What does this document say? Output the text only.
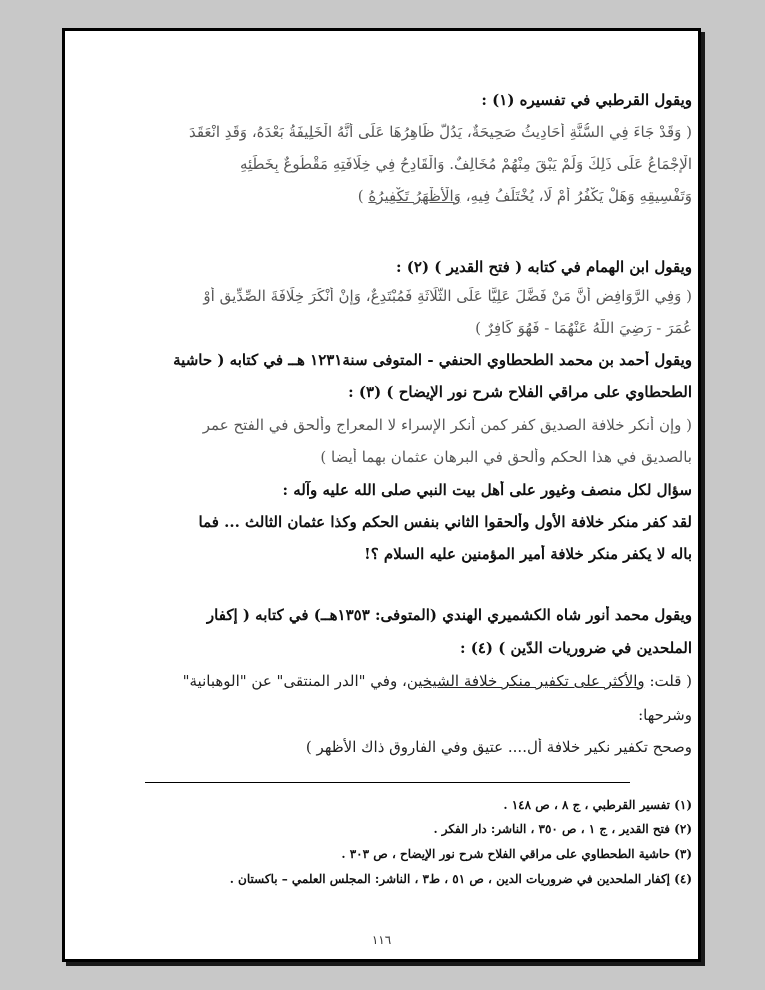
ويقول القرطبي في تفسيره (١) :
( وَقَدْ جَاءَ فِي السُّنَّةِ أَحَادِيثُ صَحِيحَةٌ، يَدُلُّ ظَاهِرُهَا عَلَى أَنَّهُ الْخَلِيفَةُ بَعْدَهُ، وَقَدِ انْعَقَدَ
الْإِجْمَاعُ عَلَى ذَلِكَ وَلَمْ يَبْقَ مِنْهُمْ مُخَالِفٌ. وَالْقَادِحُ فِي خِلَافَتِهِ مَقْطُوعٌ بِخَطَئِهِ
وَتَفْسِيقِهِ وَهَلْ يَكْفُرُ أَمْ لَا، يُخْتَلَفُ فِيهِ، وَالْأَظْهَرُ تَكْفِيرُهُ )
ويقول ابن الهمام في كتابه ( فتح القدير ) (٢) :
( وَفِي الرَّوَافِضِ أَنَّ مَنْ فَضَّلَ عَلِيًّا عَلَى الثَّلَاثَةِ فَمُبْتَدِعٌ، وَإِنْ أَنْكَرَ خِلَافَةَ الصِّدِّيقِ أَوْ
عُمَرَ - رَضِيَ اللَّهُ عَنْهُمَا - فَهُوَ كَافِرٌ )
ويقول أحمد بن محمد الطحطاوي الحنفي - المتوفى سنة١٢٣١ هــ في كتابه ( حاشية
الطحطاوي على مراقي الفلاح شرح نور الإيضاح ) (٣) :
( وإن أنكر خلافة الصديق كفر كمن أنكر الإسراء لا المعراج وألحق في الفتح عمر
بالصديق في هذا الحكم وألحق في البرهان عثمان بهما أيضا )
سؤال لكل منصف وغيور على أهل بيت النبي صلى الله عليه وآله :
لقد كفر منكر خلافة الأول وألحقوا الثاني بنفس الحكم وكذا عثمان الثالث ... فما
باله لا يكفر منكر خلافة أمير المؤمنين عليه السلام ؟!
ويقول محمد أنور شاه الكشميري الهندي (المتوفى: ١٣٥٣هــ) في كتابه ( إكفار
الملحدين في ضروريات الدّين ) (٤) :
( قلت: والأكثر على تكفير منكر خلافة الشيخين، وفي "الدر المنتقى" عن "الوهبانية"
وشرحها:
وصحح تكفير نكير خلافة أل.... عتيق وفي الفاروق ذاك الأظهر )
(١) تفسير القرطبي ، ج ٨ ، ص ١٤٨ .
(٢) فتح القدير ، ج ١ ، ص ٣٥٠ ، الناشر: دار الفكر .
(٣) حاشية الطحطاوي على مراقي الفلاح شرح نور الإيضاح ، ص ٣٠٣ .
(٤) إكفار الملحدين في ضروريات الدين ، ص ٥١ ، ط٣ ، الناشر: المجلس العلمي – باكستان .
١١٦
